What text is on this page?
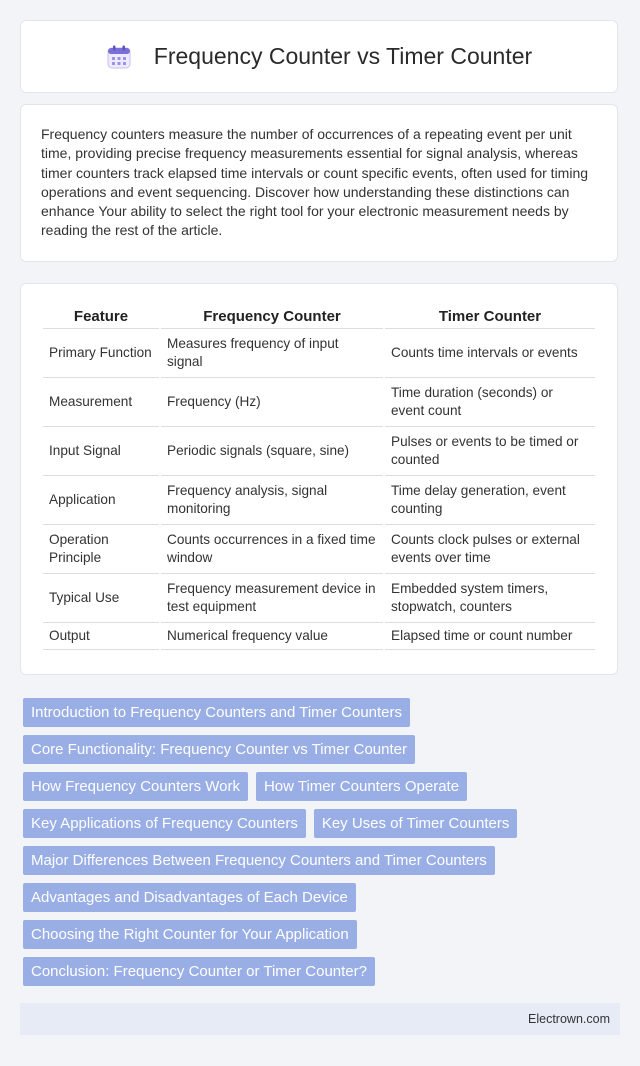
Frequency Counter vs Timer Counter

Frequency counters measure the number of occurrences of a repeating event per unit time, providing precise frequency measurements essential for signal analysis, whereas timer counters track elapsed time intervals or count specific events, often used for timing operations and event sequencing. Discover how understanding these distinctions can enhance Your ability to select the right tool for your electronic measurement needs by reading the rest of the article.

Feature	Frequency Counter	Timer Counter
Primary Function	Measures frequency of input signal	Counts time intervals or events
Measurement	Frequency (Hz)	Time duration (seconds) or event count
Input Signal	Periodic signals (square, sine)	Pulses or events to be timed or counted
Application	Frequency analysis, signal monitoring	Time delay generation, event counting
Operation Principle	Counts occurrences in a fixed time window	Counts clock pulses or external events over time
Typical Use	Frequency measurement device in test equipment	Embedded system timers, stopwatch, counters
Output	Numerical frequency value	Elapsed time or count number
Introduction to Frequency Counters and Timer Counters
Core Functionality: Frequency Counter vs Timer Counter
How Frequency Counters Work	How Timer Counters Operate
Key Applications of Frequency Counters	Key Uses of Timer Counters
Major Differences Between Frequency Counters and Timer Counters
Advantages and Disadvantages of Each Device
Choosing the Right Counter for Your Application
Conclusion: Frequency Counter or Timer Counter?
Electrown.com
